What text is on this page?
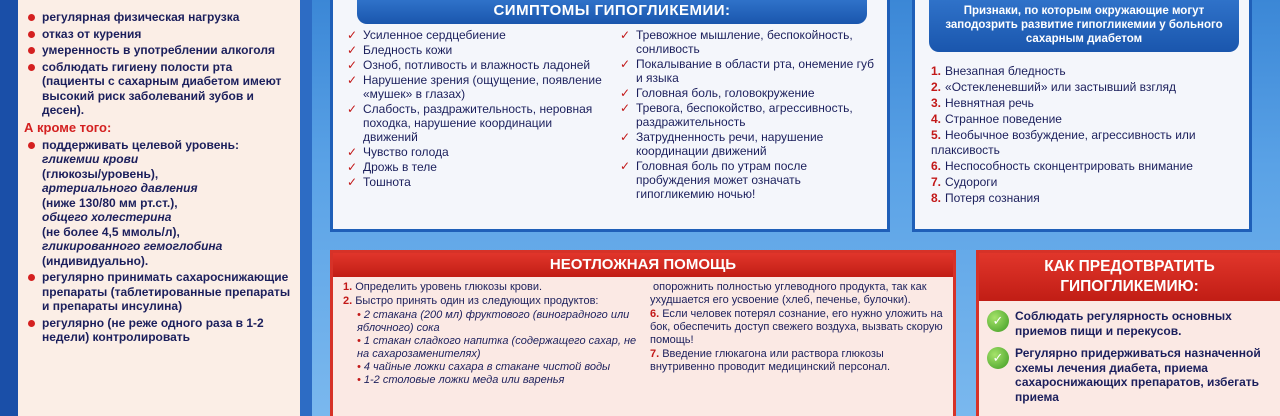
регулярная физическая нагрузка
отказ от курения
умеренность в употреблении алкоголя
соблюдать гигиену полости рта (пациенты с сахарным диабетом имеют высокий риск заболеваний зубов и десен).
А кроме того:
поддерживать целевой уровень:
гликемии крови
(глюкозы/уровень),
артериального давления
(ниже 130/80 мм рт.ст.),
общего холестерина
(не более 4,5 ммоль/л),
гликированного гемоглобина
(индивидуально).
регулярно принимать сахароснижающие препараты (таблетированные препараты и препараты инсулина)
регулярно (не реже одного раза в 1-2 недели) контролировать
СИМПТОМЫ ГИПОГЛИКЕМИИ:
✓ Усиленное сердцебиение
✓ Бледность кожи
✓ Озноб, потливость и влажность ладоней
✓ Нарушение зрения (ощущение, появление «мушек» в глазах)
✓ Слабость, раздражительность, неровная походка, нарушение координации движений
✓ Чувство голода
✓ Дрожь в теле
✓ Тошнота
✓ Тревожное мышление, беспокойность, сонливость
✓ Покалывание в области рта, онемение губ и языка
✓ Головная боль, головокружение
✓ Тревога, беспокойство, агрессивность, раздражительность
✓ Затрудненность речи, нарушение координации движений
✓ Головная боль по утрам после пробуждения может означать гипогликемию ночью!
Признаки, по которым окружающие могут заподозрить развитие гипогликемии у больного сахарным диабетом
1. Внезапная бледность
2. «Остекленевший» или застывший взгляд
3. Невнятная речь
4. Странное поведение
5. Необычное возбуждение, агрессивность или плаксивость
6. Неспособность сконцентрировать внимание
7. Судороги
8. Потеря сознания
НЕОТЛОЖНАЯ ПОМОЩЬ
1. Определить уровень глюкозы крови.
2. Быстро принять один из следующих продуктов:
• 2 стакана (200 мл) фруктового (виноградного или яблочного) сока
• 1 стакан сладкого напитка (содержащего сахар, не на сахарозаменителях)
• 4 чайные ложки сахара в стакане чистой воды
• 1-2 столовые ложки меда или варенья
опорожнить полностью углеводного продукта, так как ухудшается его усвоение (хлеб, печенье, булочки).
6. Если человек потерял сознание, его нужно уложить на бок, обеспечить доступ свежего воздуха, вызвать скорую помощь!
7. Введение глюкагона или раствора глюкозы внутривенно проводит медицинский персонал.
КАК ПРЕДОТВРАТИТЬ ГИПОГЛИКЕМИЮ:
✓ Соблюдать регулярность основных приемов пищи и перекусов.
✓ Регулярно придерживаться назначенной схемы лечения диабета, приема сахароснижающих препаратов, избегать приема
